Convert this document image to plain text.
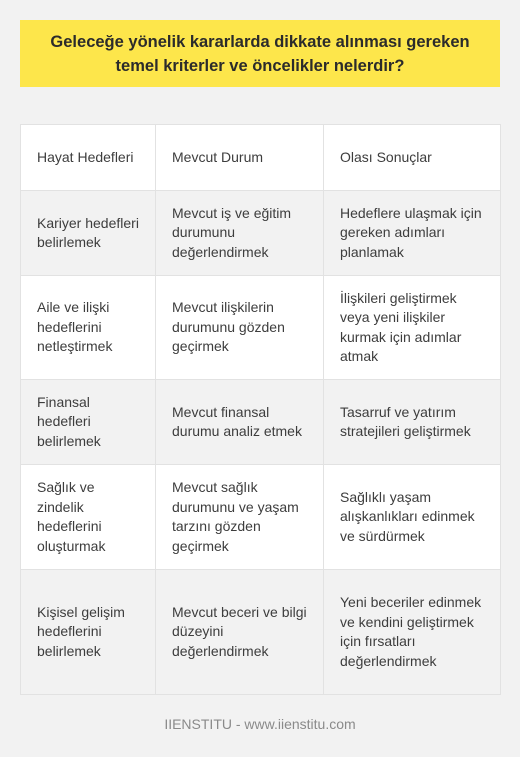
Geleceğe yönelik kararlarda dikkate alınması gereken temel kriterler ve öncelikler nelerdir?
Hayat Hedefleri	Mevcut Durum	Olası Sonuçlar
Kariyer hedefleri belirlemek	Mevcut iş ve eğitim durumunu değerlendirmek	Hedeflere ulaşmak için gereken adımları planlamak
Aile ve ilişki hedeflerini netleştirmek	Mevcut ilişkilerin durumunu gözden geçirmek	İlişkileri geliştirmek veya yeni ilişkiler kurmak için adımlar atmak
Finansal hedefleri belirlemek	Mevcut finansal durumu analiz etmek	Tasarruf ve yatırım stratejileri geliştirmek
Sağlık ve zindelik hedeflerini oluşturmak	Mevcut sağlık durumunu ve yaşam tarzını gözden geçirmek	Sağlıklı yaşam alışkanlıkları edinmek ve sürdürmek
Kişisel gelişim hedeflerini belirlemek	Mevcut beceri ve bilgi düzeyini değerlendirmek	Yeni beceriler edinmek ve kendini geliştirmek için fırsatları değerlendirmek
IIENSTITU - www.iienstitu.com
